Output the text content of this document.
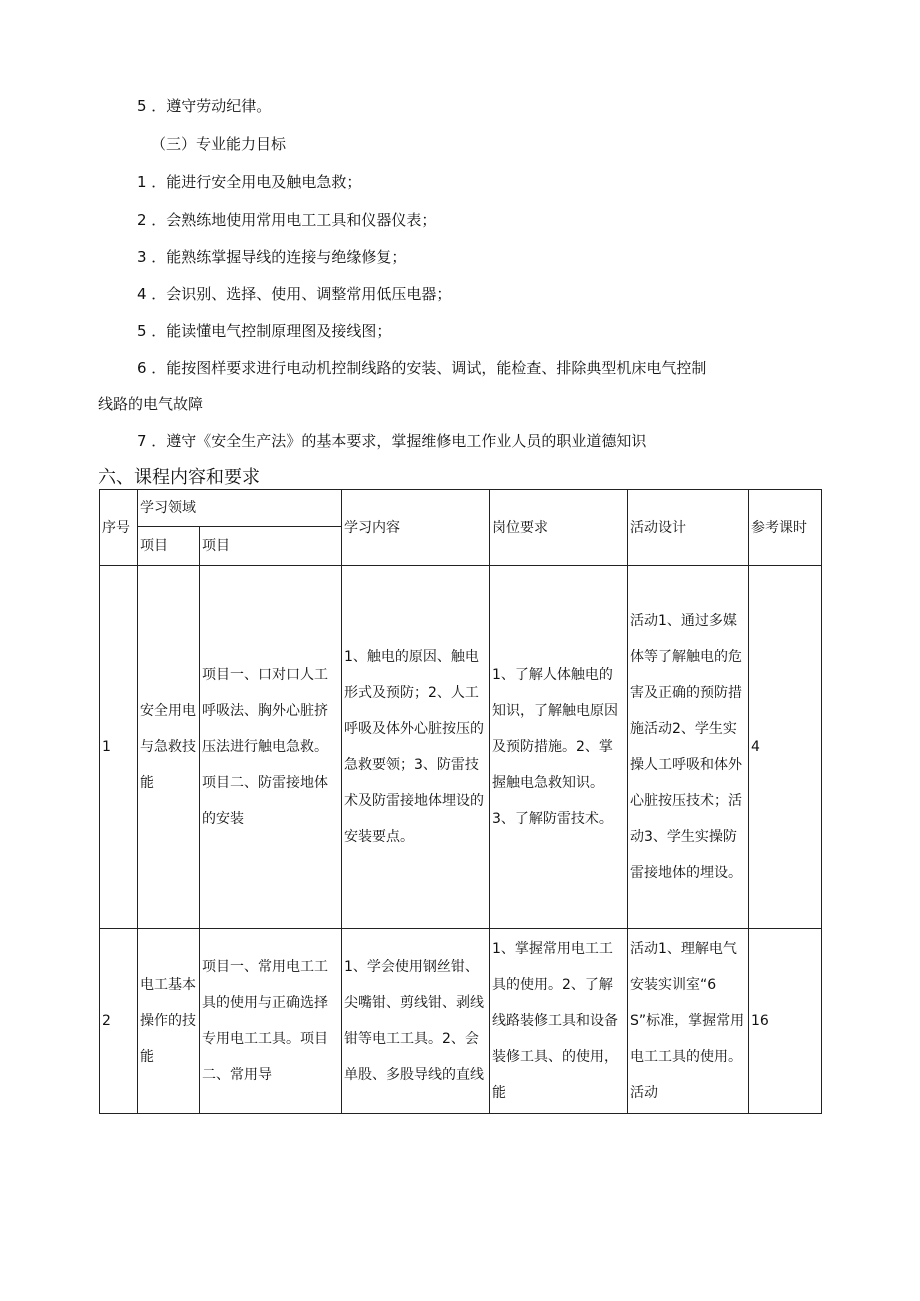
5 ．遵守劳动纪律。
（三）专业能力目标
1 ．能进行安全用电及触电急救；
2 ．会熟练地使用常用电工工具和仪器仪表；
3 ．能熟练掌握导线的连接与绝缘修复；
4 ．会识别、选择、使用、调整常用低压电器；
5 ．能读懂电气控制原理图及接线图；
6 ．能按图样要求进行电动机控制线路的安装、调试，能检查、排除典型机床电气控制
线路的电气故障
7 ．遵守《安全生产法》的基本要求，掌握维修电工作业人员的职业道德知识
六、课程内容和要求
序号	学习领域		学习内容	岗位要求	活动设计	参考课时
	项目	项目				
1	安全用电与急救技能	项目一、口对口人工呼吸法、胸外心脏挤压法进行触电急救。项目二、防雷接地体的安装	1、触电的原因、触电形式及预防；2、人工呼吸及体外心脏按压的急救要领；3、防雷技术及防雷接地体埋设的安装要点。	1、了解人体触电的知识，了解触电原因及预防措施。2、掌握触电急救知识。3、了解防雷技术。	活动1、通过多媒体等了解触电的危害及正确的预防措施活动2、学生实操人工呼吸和体外心脏按压技术；活动3、学生实操防雷接地体的埋设。	4
2	电工基本操作的技能	项目一、常用电工工具的使用与正确选择专用电工工具。项目二、常用导	1、学会使用钢丝钳、尖嘴钳、剪线钳、剥线钳等电工工具。2、会单股、多股导线的直线	1、掌握常用电工工具的使用。2、了解线路装修工具和设备装修工具、的使用，能	活动1、理解电气安装实训室“6S”标准，掌握常用电工工具的使用。活动	16
